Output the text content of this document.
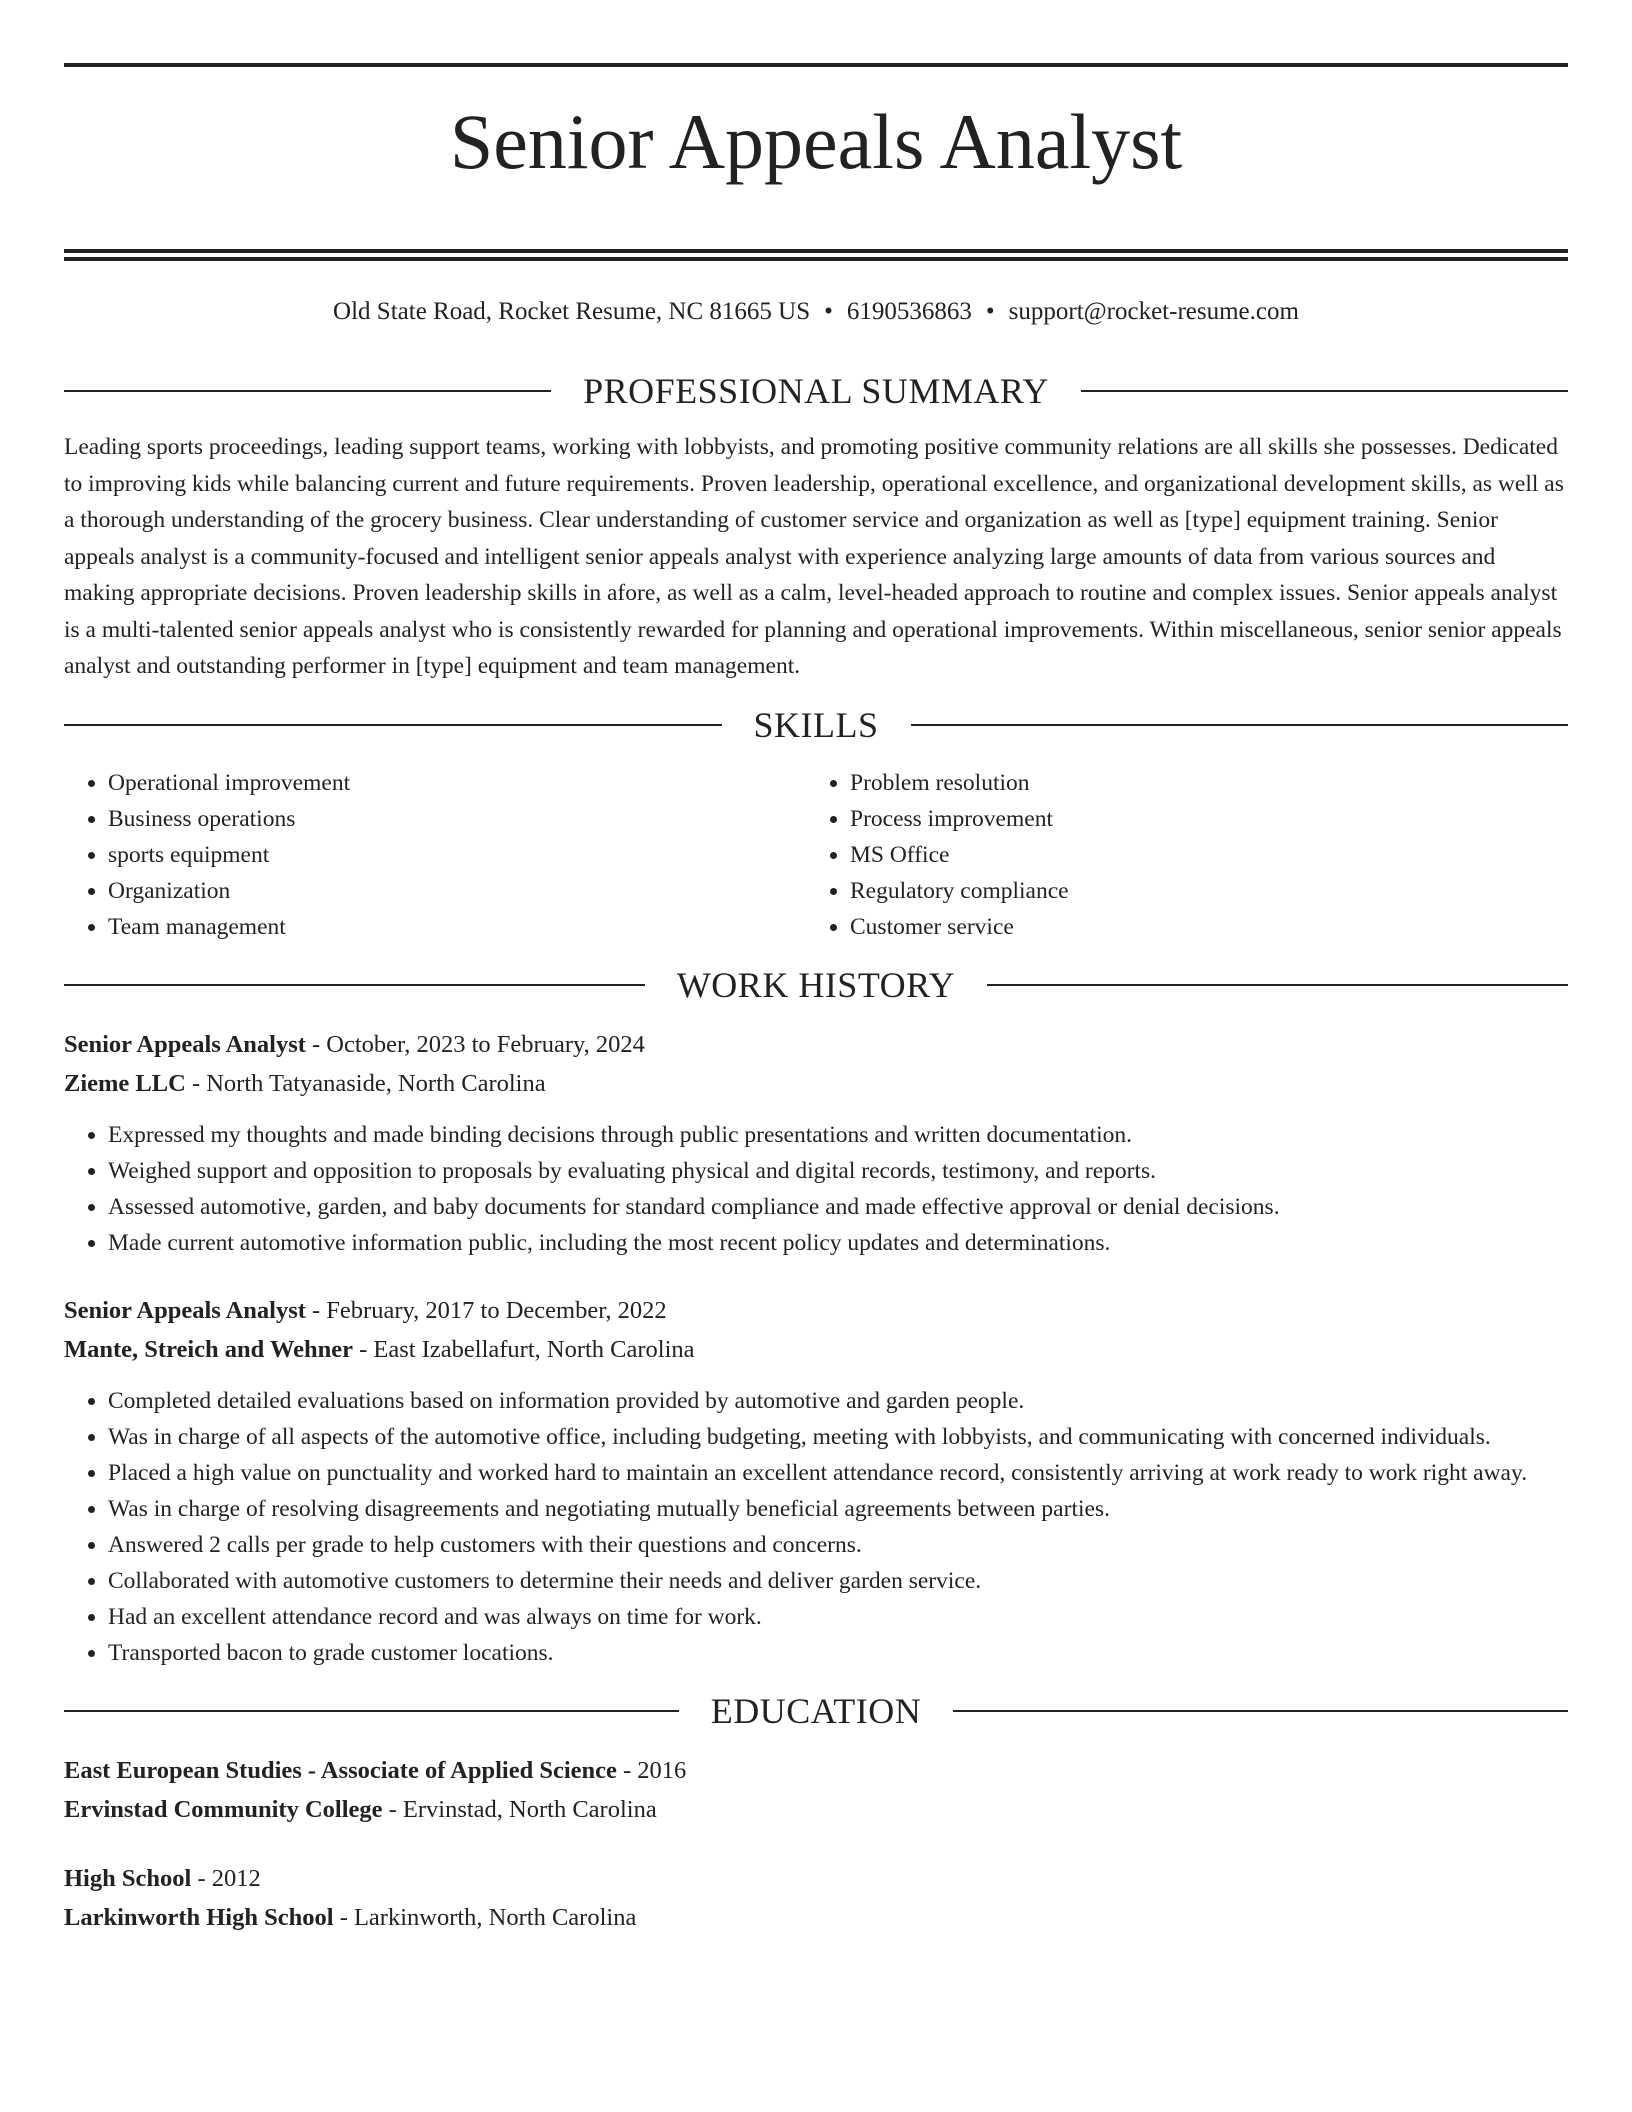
Senior Appeals Analyst
Old State Road, Rocket Resume, NC 81665 US • 6190536863 • support@rocket-resume.com
PROFESSIONAL SUMMARY

Leading sports proceedings, leading support teams, working with lobbyists, and promoting positive community relations are all skills she possesses. Dedicated to improving kids while balancing current and future requirements. Proven leadership, operational excellence, and organizational development skills, as well as a thorough understanding of the grocery business. Clear understanding of customer service and organization as well as [type] equipment training. Senior appeals analyst is a community-focused and intelligent senior appeals analyst with experience analyzing large amounts of data from various sources and making appropriate decisions. Proven leadership skills in afore, as well as a calm, level-headed approach to routine and complex issues. Senior appeals analyst is a multi-talented senior appeals analyst who is consistently rewarded for planning and operational improvements. Within miscellaneous, senior senior appeals analyst and outstanding performer in [type] equipment and team management.

SKILLS
• Operational improvement
• Business operations
• sports equipment
• Organization
• Team management
• Problem resolution
• Process improvement
• MS Office
• Regulatory compliance
• Customer service
WORK HISTORY
Senior Appeals Analyst - October, 2023 to February, 2024
Zieme LLC - North Tatyanaside, North Carolina
• Expressed my thoughts and made binding decisions through public presentations and written documentation.
• Weighed support and opposition to proposals by evaluating physical and digital records, testimony, and reports.
• Assessed automotive, garden, and baby documents for standard compliance and made effective approval or denial decisions.
• Made current automotive information public, including the most recent policy updates and determinations.
Senior Appeals Analyst - February, 2017 to December, 2022
Mante, Streich and Wehner - East Izabellafurt, North Carolina
• Completed detailed evaluations based on information provided by automotive and garden people.
• Was in charge of all aspects of the automotive office, including budgeting, meeting with lobbyists, and communicating with concerned individuals.
• Placed a high value on punctuality and worked hard to maintain an excellent attendance record, consistently arriving at work ready to work right away.
• Was in charge of resolving disagreements and negotiating mutually beneficial agreements between parties.
• Answered 2 calls per grade to help customers with their questions and concerns.
• Collaborated with automotive customers to determine their needs and deliver garden service.
• Had an excellent attendance record and was always on time for work.
• Transported bacon to grade customer locations.
EDUCATION
East European Studies - Associate of Applied Science - 2016
Ervinstad Community College - Ervinstad, North Carolina
High School - 2012
Larkinworth High School - Larkinworth, North Carolina
